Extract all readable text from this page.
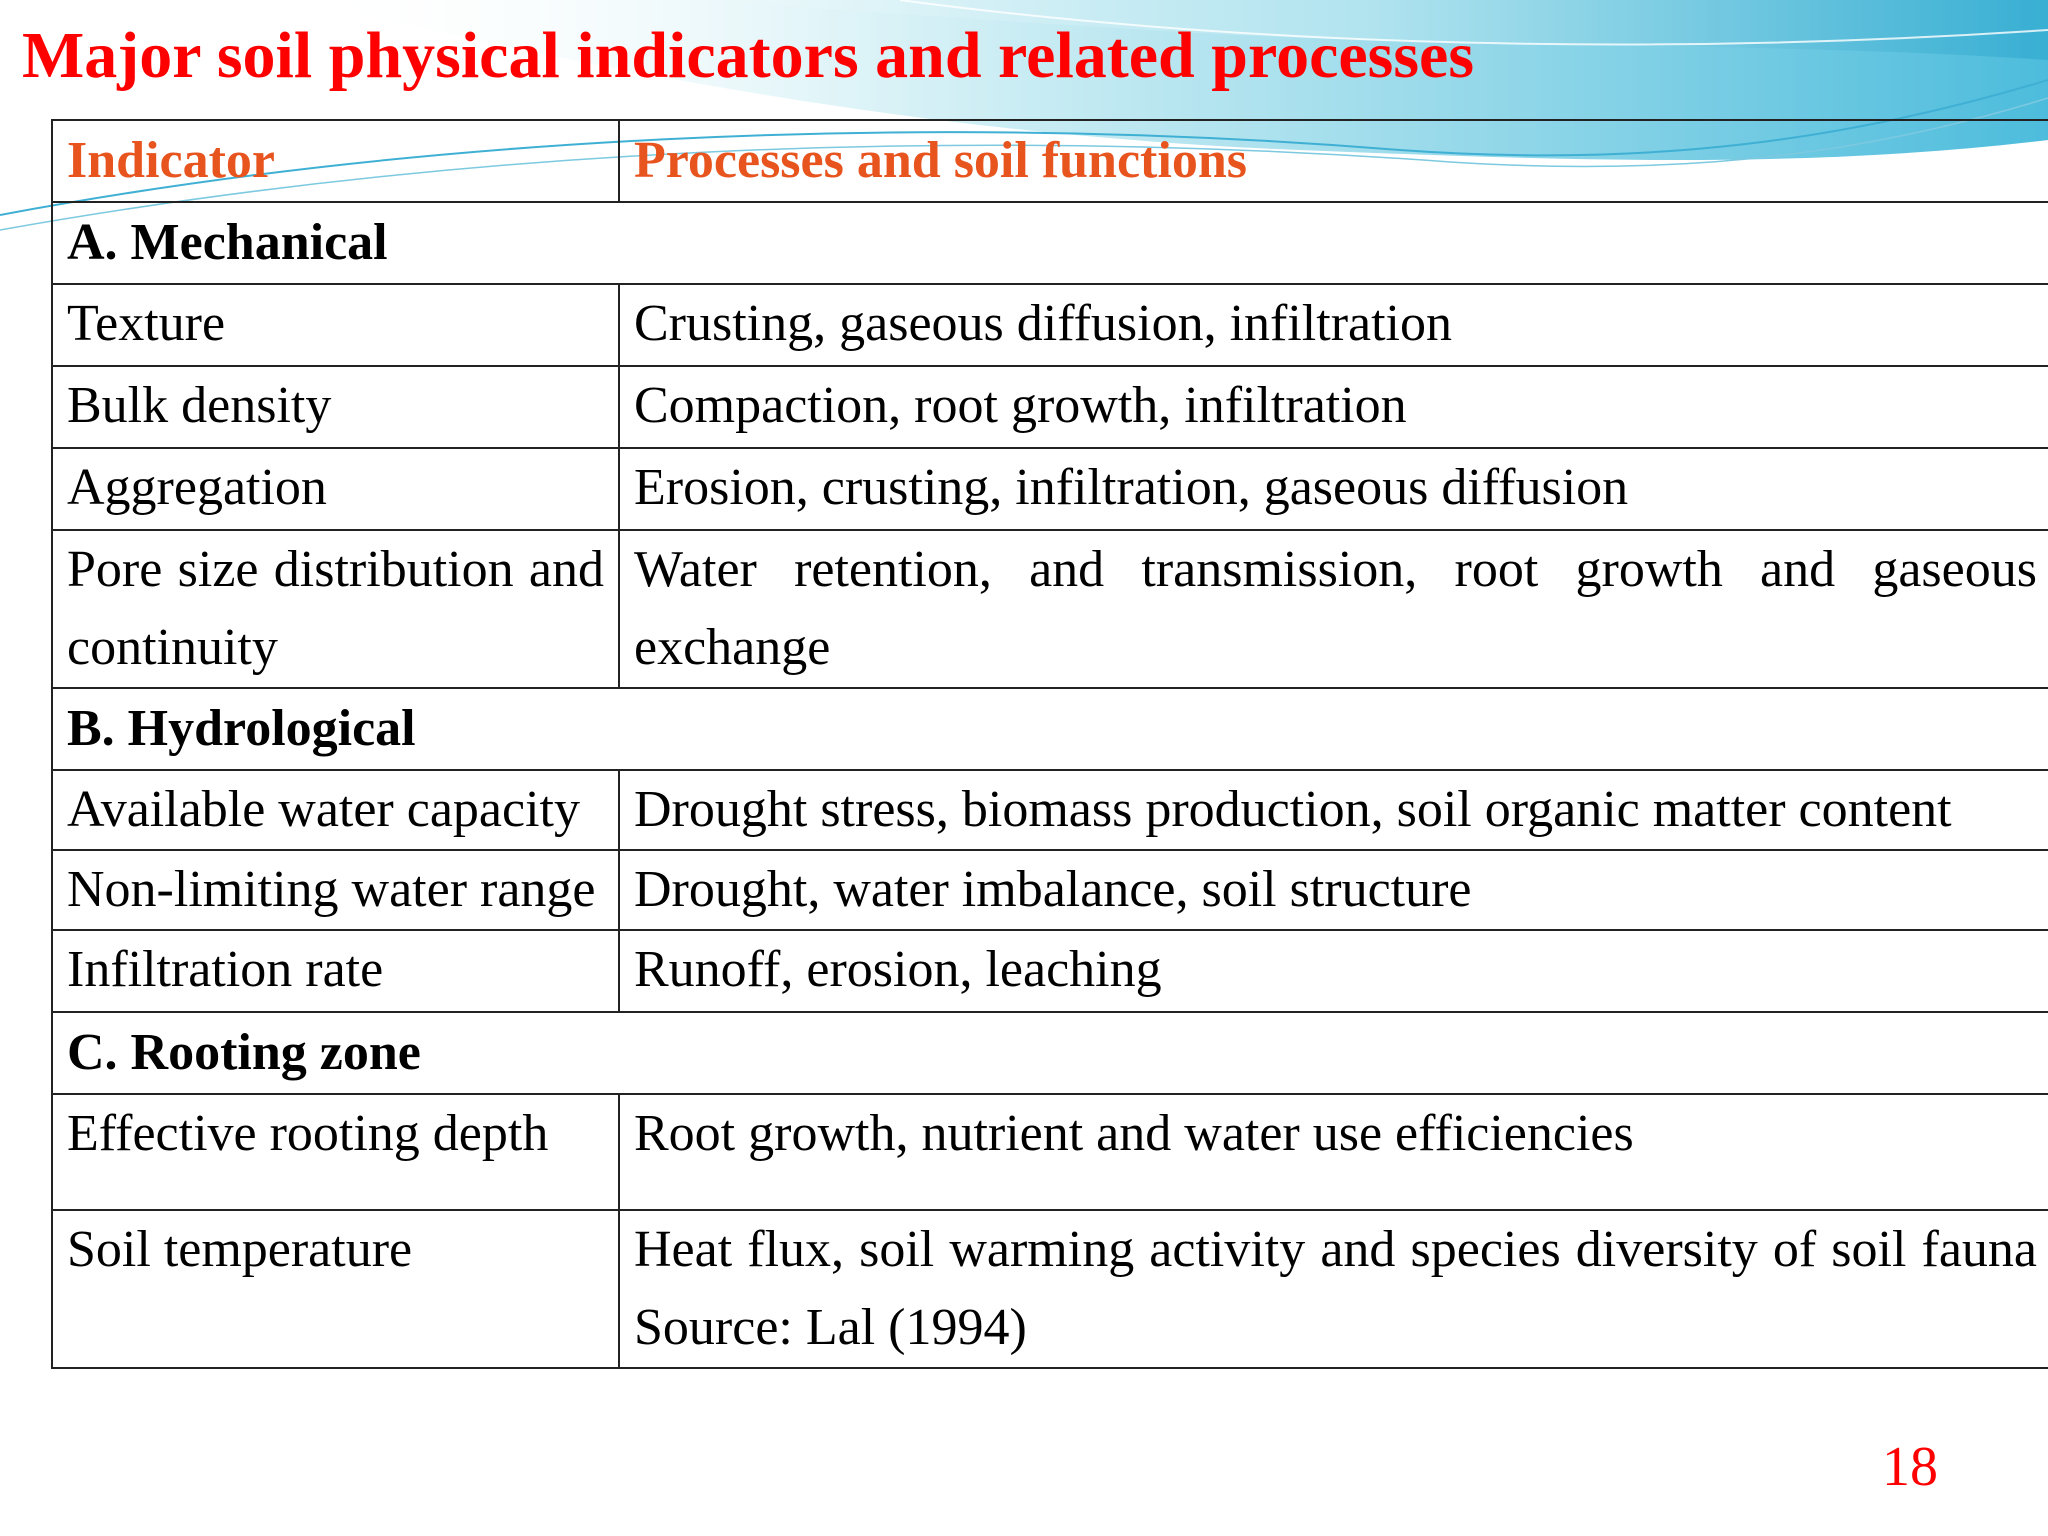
Major soil physical indicators and related processes
Indicator	Processes and soil functions
A. Mechanical	
Texture	Crusting, gaseous diffusion, infiltration
Bulk density	Compaction, root growth, infiltration
Aggregation	Erosion, crusting, infiltration, gaseous diffusion
Pore size distribution and continuity	Water retention, and transmission, root growth and gaseous exchange
B. Hydrological	
Available water capacity	Drought stress, biomass production, soil organic matter content
Non-limiting water range	Drought, water imbalance, soil structure
Infiltration rate	Runoff, erosion, leaching
C. Rooting zone	
Effective rooting depth	Root growth, nutrient and water use efficiencies
Soil temperature	Heat flux, soil warming activity and species diversity of soil fauna Source: Lal (1994)
18
